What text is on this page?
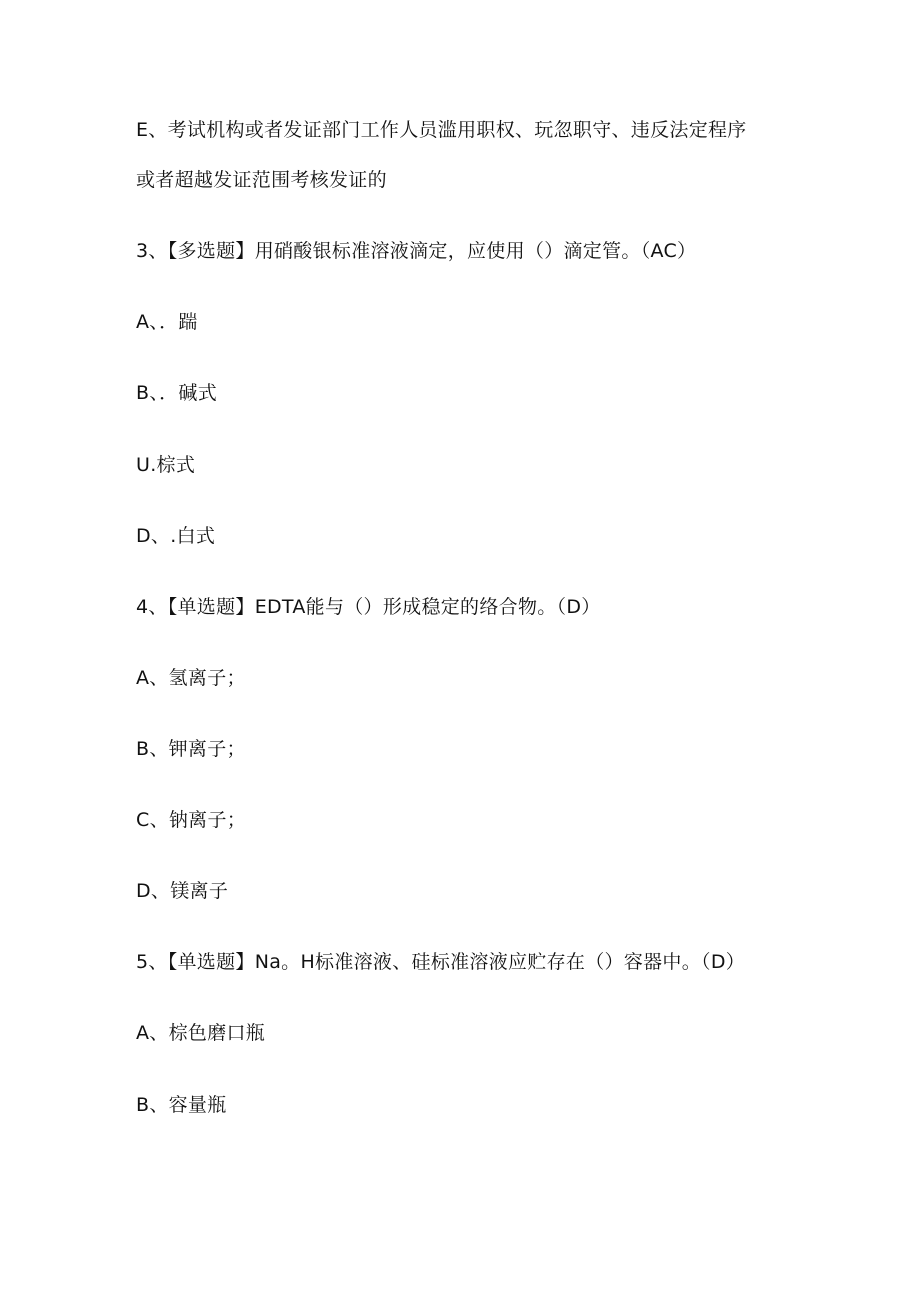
E、考试机构或者发证部门工作人员滥用职权、玩忽职守、违反法定程序
或者超越发证范围考核发证的
3、【多选题】用硝酸银标准溶液滴定，应使用（）滴定管。（AC）
A、．踹
B、．碱式
U.棕式
D、.白式
4、【单选题】EDTA能与（）形成稳定的络合物。（D）
A、氢离子；
B、钾离子；
C、钠离子；
D、镁离子
5、【单选题】Na。H标准溶液、硅标准溶液应贮存在（）容器中。（D）
A、棕色磨口瓶
B、容量瓶
